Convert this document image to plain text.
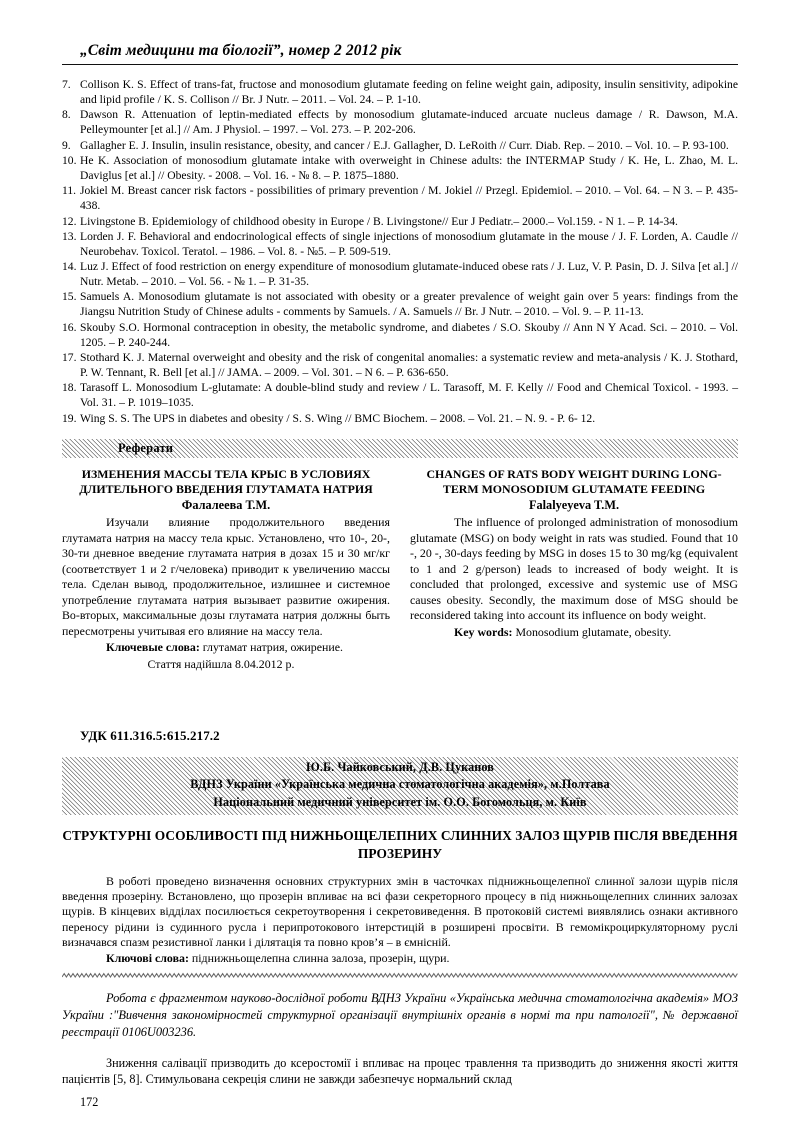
„Світ медицини та біології”, номер 2 2012 рік

7. Collison K. S. Effect of trans-fat, fructose and monosodium glutamate feeding on feline weight gain, adiposity, insulin sensitivity, adipokine and lipid profile / K. S. Collison // Br. J Nutr. – 2011. – Vol. 24. – P. 1-10.

8. Dawson R. Attenuation of leptin-mediated effects by monosodium glutamate-induced arcuate nucleus damage / R. Dawson, M.A. Pelleymounter [et al.] // Am. J Physiol. – 1997. – Vol. 273. – P. 202-206.

9. Gallagher E. J. Insulin, insulin resistance, obesity, and cancer / E.J. Gallagher, D. LeRoith // Curr. Diab. Rep. – 2010. – Vol. 10. – P. 93-100.

10. He K. Association of monosodium glutamate intake with overweight in Chinese adults: the INTERMAP Study / K. He, L. Zhao, M. L. Daviglus [et al.] // Obesity. - 2008. – Vol. 16. - № 8. – P. 1875–1880.

11. Jokiel M. Breast cancer risk factors - possibilities of primary prevention / M. Jokiel // Przegl. Epidemiol. – 2010. – Vol. 64. – N 3. – P. 435-438.

12. Livingstone B. Epidemiology of childhood obesity in Europe / B. Livingstone// Eur J Pediatr.– 2000.– Vol.159. - N 1. – P. 14-34.

13. Lorden J. F. Behavioral and endocrinological effects of single injections of monosodium glutamate in the mouse / J. F. Lorden, A. Caudle // Neurobehav. Toxicol. Teratol. – 1986. – Vol. 8. - №5. – P. 509-519.

14. Luz J. Effect of food restriction on energy expenditure of monosodium glutamate-induced obese rats / J. Luz, V. P. Pasin, D. J. Silva [et al.] // Nutr. Metab. – 2010. – Vol. 56. - № 1. – P. 31-35.

15. Samuels A. Monosodium glutamate is not associated with obesity or a greater prevalence of weight gain over 5 years: findings from the Jiangsu Nutrition Study of Chinese adults - comments by Samuels. / A. Samuels // Br. J Nutr. – 2010. – Vol. 9. – P. 11-13.

16. Skouby S.O. Hormonal contraception in obesity, the metabolic syndrome, and diabetes / S.O. Skouby // Ann N Y Acad. Sci. – 2010. – Vol. 1205. – P. 240-244.

17. Stothard K. J. Maternal overweight and obesity and the risk of congenital anomalies: a systematic review and meta-analysis / K. J. Stothard, P. W. Tennant, R. Bell [et al.] // JAMA. – 2009. – Vol. 301. – N 6. – P. 636-650.

18. Tarasoff L. Monosodium L-glutamate: A double-blind study and review / L. Tarasoff, M. F. Kelly // Food and Chemical Toxicol. - 1993. – Vol. 31. – P. 1019–1035.

19. Wing S. S. The UPS in diabetes and obesity / S. S. Wing // BMC Biochem. – 2008. – Vol. 21. – N. 9. - P. 6- 12.

Реферати
ИЗМЕНЕНИЯ МАССЫ ТЕЛА КРЫС В УСЛОВИЯХ ДЛИТЕЛЬНОГО ВВЕДЕНИЯ ГЛУТАМАТА НАТРИЯ
Фалалеева Т.М.
Изучали влияние продолжительного введения глутамата натрия на массу тела крыс. Установлено, что 10-, 20-, 30-ти дневное введение глутамата натрия в дозах 15 и 30 мг/кг (соответствует 1 и 2 г/человека) приводит к увеличению массы тела. Сделан вывод, продолжительное, излишнее и системное употребление глутамата натрия вызывает развитие ожирения. Во-вторых, максимальные дозы глутамата натрия должны быть пересмотрены учитывая его влияние на массу тела.
Ключевые слова: глутамат натрия, ожирение.
Стаття надійшла 8.04.2012 р.
CHANGES OF RATS BODY WEIGHT DURING LONG-TERM MONOSODIUM GLUTAMATE FEEDING
Falalyeyeva T.M.
The influence of prolonged administration of monosodium glutamate (MSG) on body weight in rats was studied. Found that 10 -, 20 -, 30-days feeding by MSG in doses 15 to 30 mg/kg (equivalent to 1 and 2 g/person) leads to increased of body weight. It is concluded that prolonged, excessive and systemic use of MSG causes obesity. Secondly, the maximum dose of MSG should be reconsidered taking into account its influence on body weight.
Key words: Monosodium glutamate, obesity.
УДК 611.316.5:615.217.2
Ю.Б. Чайковський, Д.В. Цуканов
ВДНЗ України «Українська медична стоматологічна академія», м.Полтава
Національний медичний університет ім. О.О. Богомольця, м. Київ
СТРУКТУРНІ ОСОБЛИВОСТІ ПІД НИЖНЬОЩЕЛЕПНИХ СЛИННИХ ЗАЛОЗ ЩУРІВ ПІСЛЯ ВВЕДЕННЯ ПРОЗЕРИНУ
В роботі проведено визначення основних структурних змін в часточках піднижньощелепної слинної залози щурів після введення прозеріну. Встановлено, що прозерін впливає на всі фази секреторного процесу в під нижньощелепних слинних залозах щурів. В кінцевих відділах посилюється секретоутворення і секретовиведення. В протоковій системі виявлялись ознаки активного переносу рідини із судинного русла і перипротокового інтерстицій в розширені просвіти. В гемомікроциркуляторному руслі визначався спазм резистивної ланки і ділятація та повно кров’я – в ємнісній.
Ключові слова: піднижньощелепна слинна залоза, прозерін, щури.
Робота є фрагментом науково-дослідної роботи ВДНЗ України «Українська медична стоматологічна академія» МОЗ України :"Вивчення закономірностей структурної організації внутрішніх органів в нормі та при патології", № державної реєстрації 0106U003236.
Зниження салівації призводить до ксеростомії і впливає на процес травлення та призводить до зниження якості життя пацієнтів [5, 8]. Стимульована секреція слини не завжди забезпечує нормальний склад
172
